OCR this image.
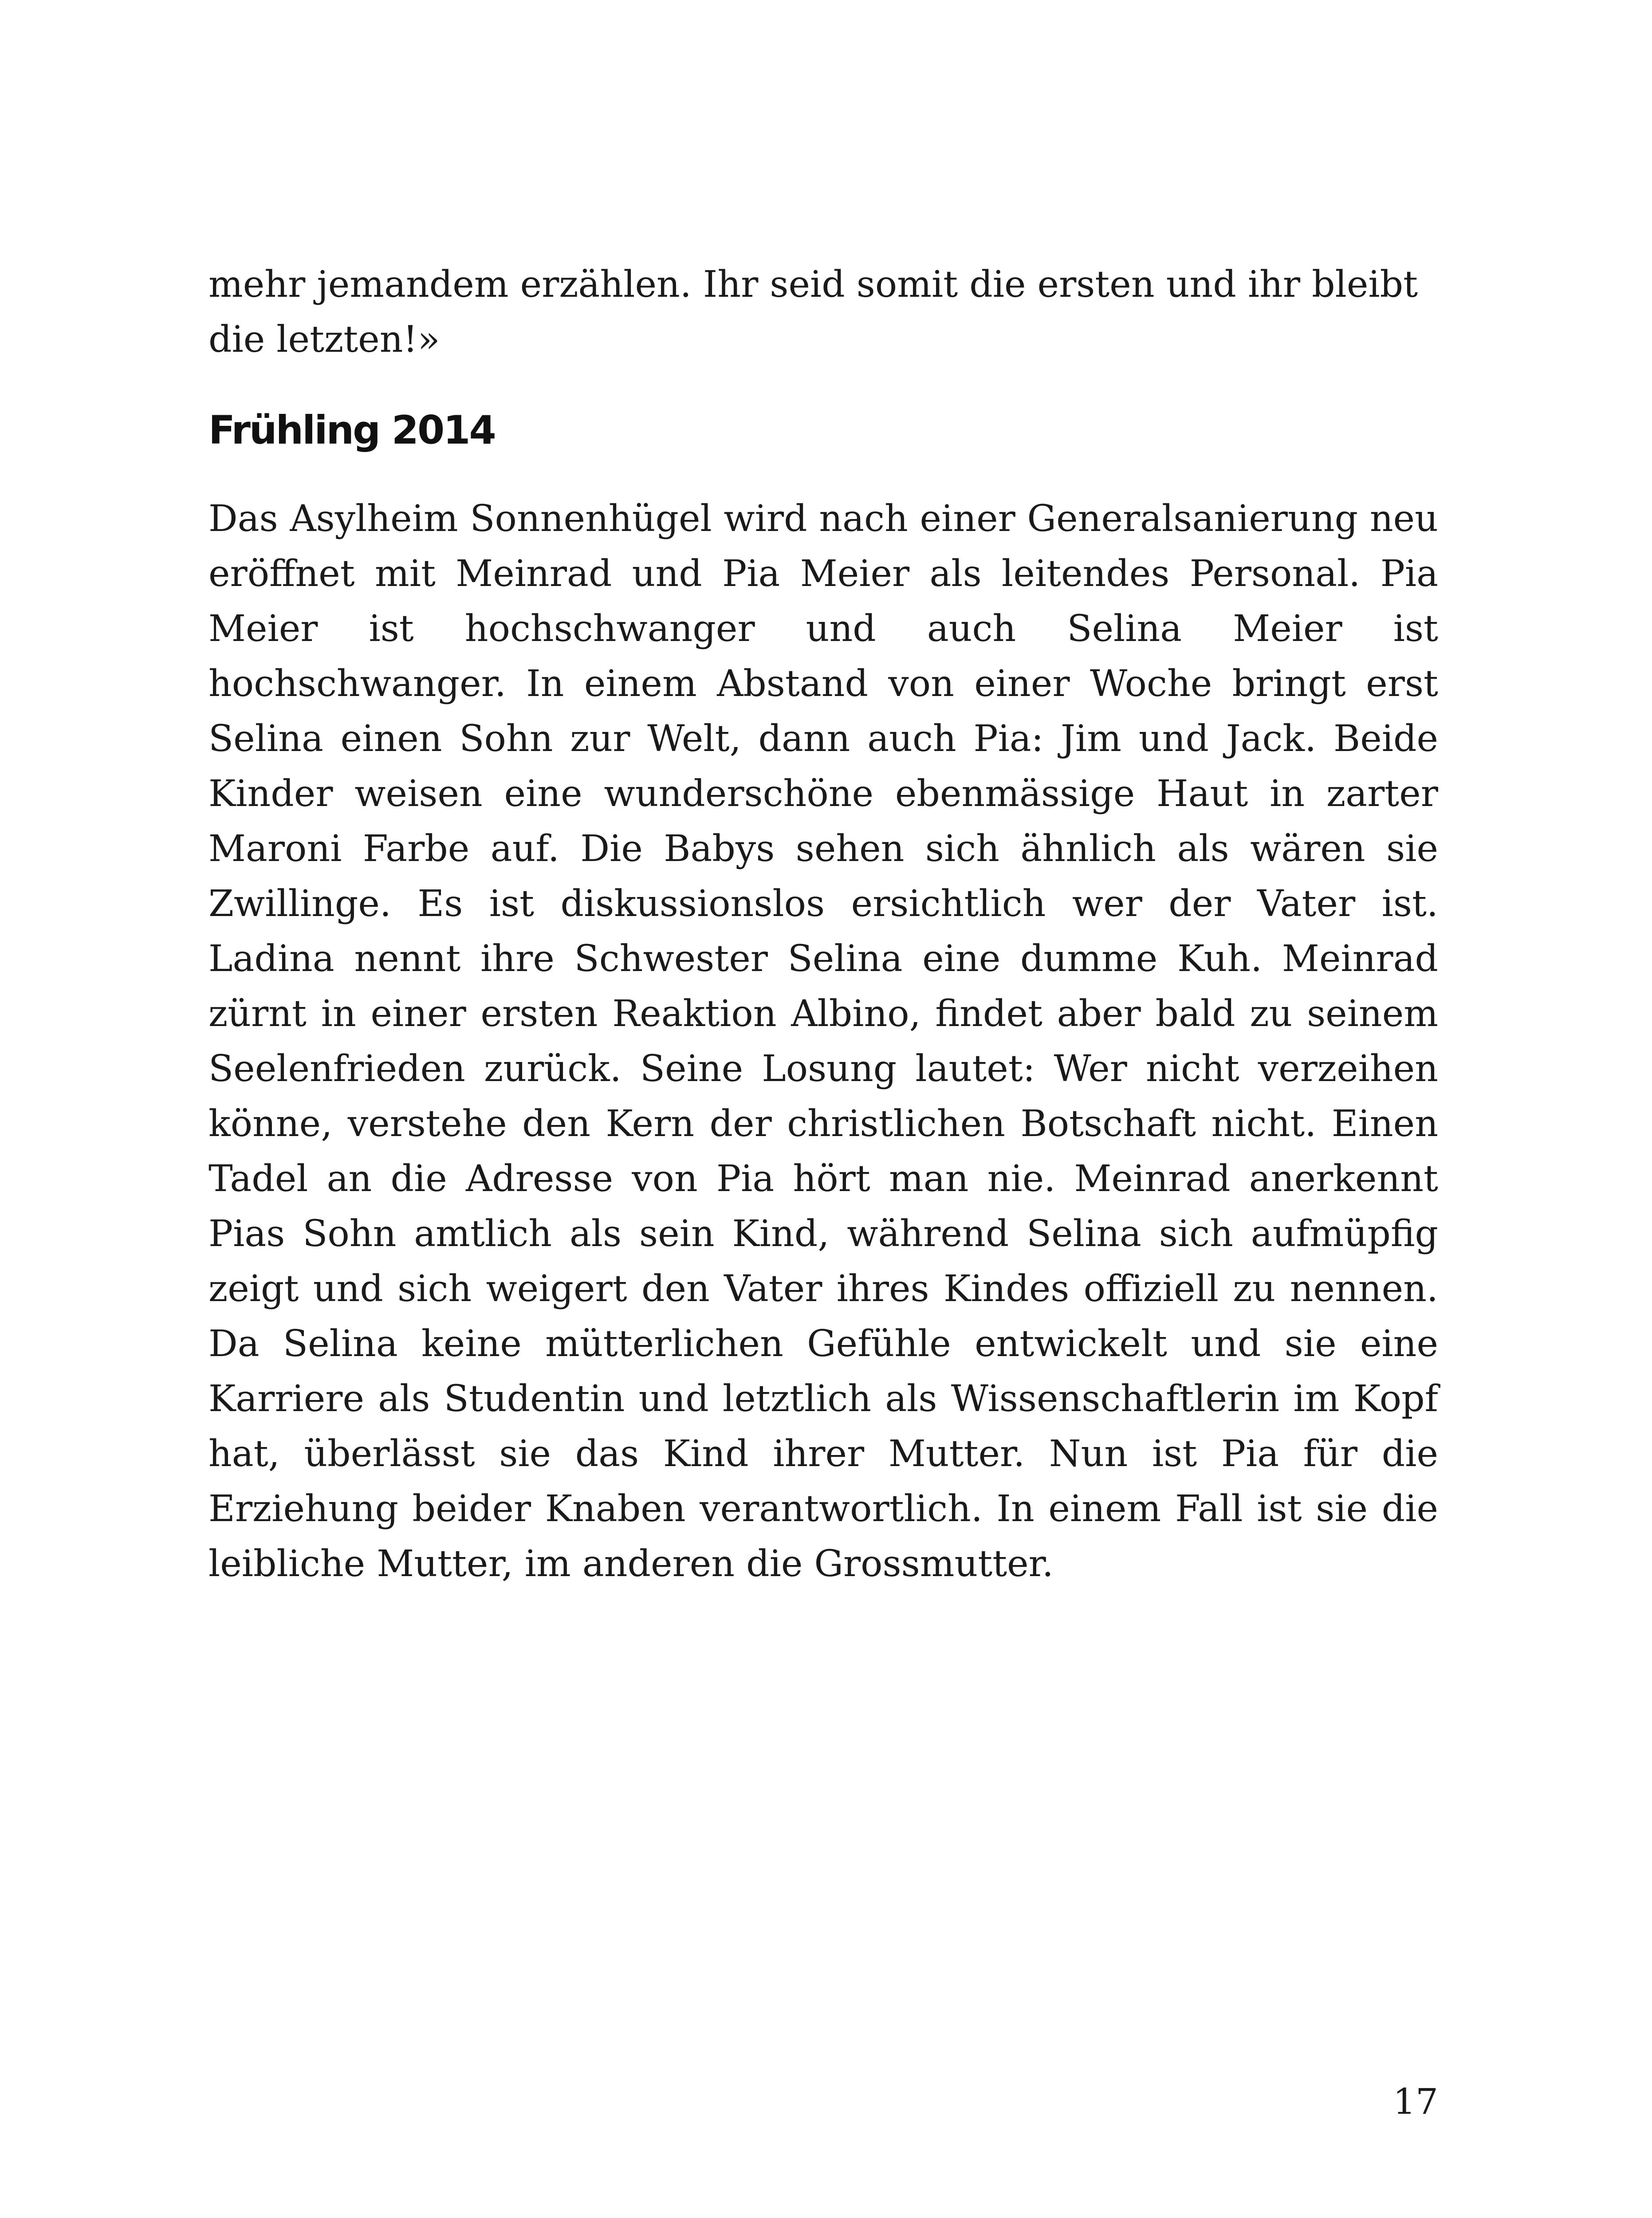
mehr jemandem erzählen. Ihr seid somit die ersten und ihr bleibt die letzten!»

Frühling 2014

Das Asylheim Sonnenhügel wird nach einer Generalsanierung neu eröffnet mit Meinrad und Pia Meier als leitendes Personal. Pia Meier ist hochschwanger und auch Selina Meier ist hochschwanger. In einem Abstand von einer Woche bringt erst Selina einen Sohn zur Welt, dann auch Pia: Jim und Jack. Beide Kinder weisen eine wunderschöne ebenmässige Haut in zarter Maroni Farbe auf. Die Babys sehen sich ähnlich als wären sie Zwillinge. Es ist diskussionslos ersichtlich wer der Vater ist. Ladina nennt ihre Schwester Selina eine dumme Kuh. Meinrad zürnt in einer ersten Reaktion Albino, findet aber bald zu seinem Seelenfrieden zurück. Seine Losung lautet: Wer nicht verzeihen könne, verstehe den Kern der christlichen Botschaft nicht. Einen Tadel an die Adresse von Pia hört man nie. Meinrad anerkennt Pias Sohn amtlich als sein Kind, während Selina sich aufmüpfig zeigt und sich weigert den Vater ihres Kindes offiziell zu nennen. Da Selina keine mütterlichen Gefühle entwickelt und sie eine Karriere als Studentin und letztlich als Wissenschaftlerin im Kopf hat, überlässt sie das Kind ihrer Mutter. Nun ist Pia für die Erziehung beider Knaben verantwortlich. In einem Fall ist sie die leibliche Mutter, im anderen die Grossmutter.

17
